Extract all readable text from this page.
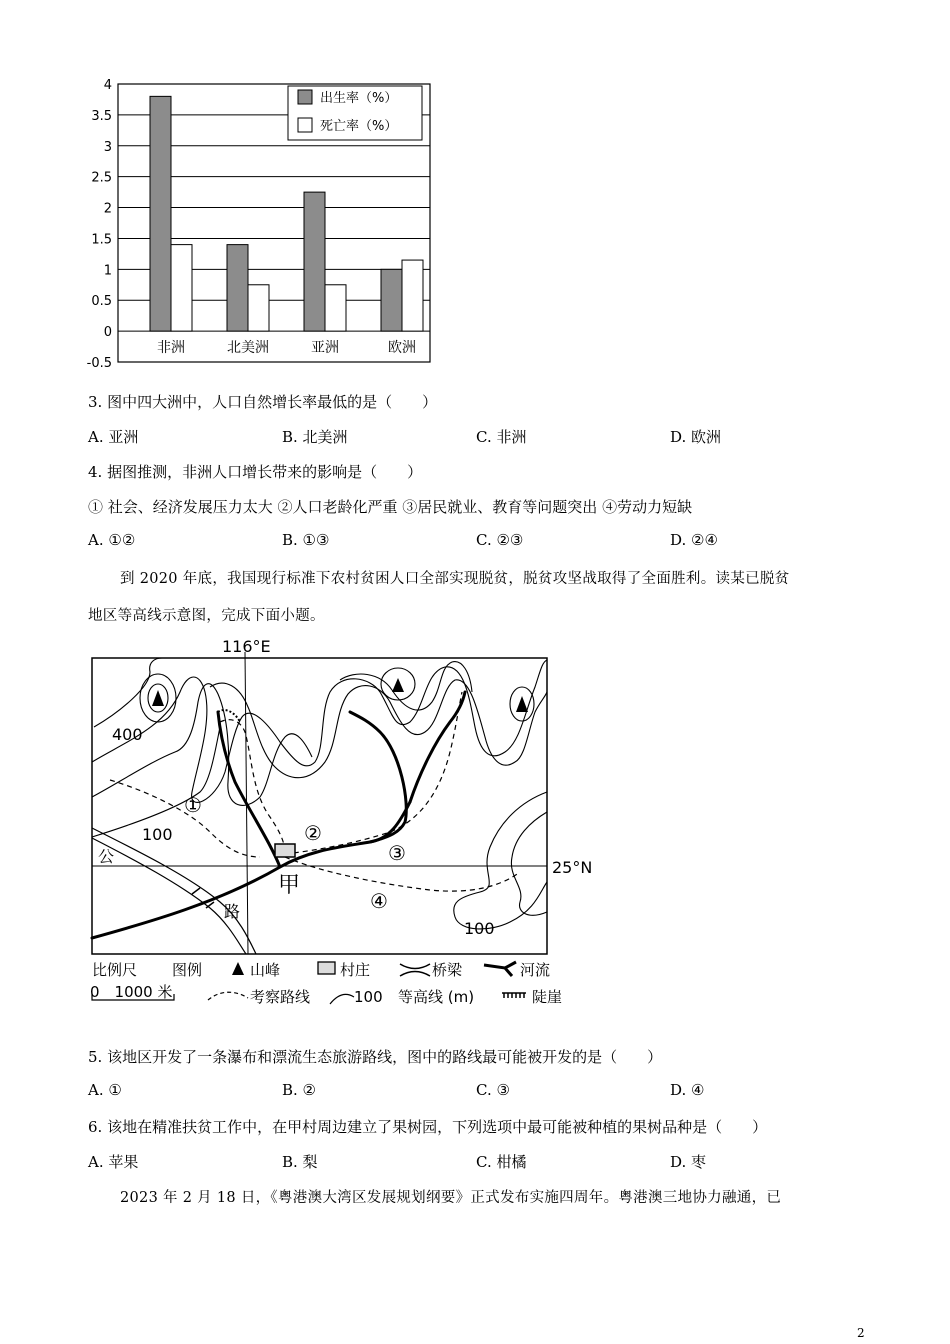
4
3.5
3
2.5
2
1.5
1
0.5
0
-0.5
非洲	北美洲	亚洲	欧洲
出生率（%）
死亡率（%）
3. 图中四大洲中，人口自然增长率最低的是（　　）
A. 亚洲	B. 北美洲	C. 非洲	D. 欧洲
4. 据图推测，非洲人口增长带来的影响是（　　）
① 社会、经济发展压力太大 ②人口老龄化严重 ③居民就业、教育等问题突出 ④劳动力短缺
A. ①②	B. ①③	C. ②③	D. ②④
到 2020 年底，我国现行标准下农村贫困人口全部实现脱贫，脱贫攻坚战取得了全面胜利。读某已脱贫
地区等高线示意图，完成下面小题。
116°E
25°N
甲
400
100
100
公
路
①
②
③
④
比例尺 图例	山峰	村庄	桥梁	河流
0　1000 米	考察路线	100 等高线 (m)	陡崖
5. 该地区开发了一条瀑布和漂流生态旅游路线，图中的路线最可能被开发的是（　　）
A. ①	B. ②	C. ③	D. ④
6. 该地在精准扶贫工作中，在甲村周边建立了果树园，下列选项中最可能被种植的果树品种是（　　）
A. 苹果	B. 梨	C. 柑橘	D. 枣
2023 年 2 月 18 日，《粤港澳大湾区发展规划纲要》正式发布实施四周年。粤港澳三地协力融通，已
2
